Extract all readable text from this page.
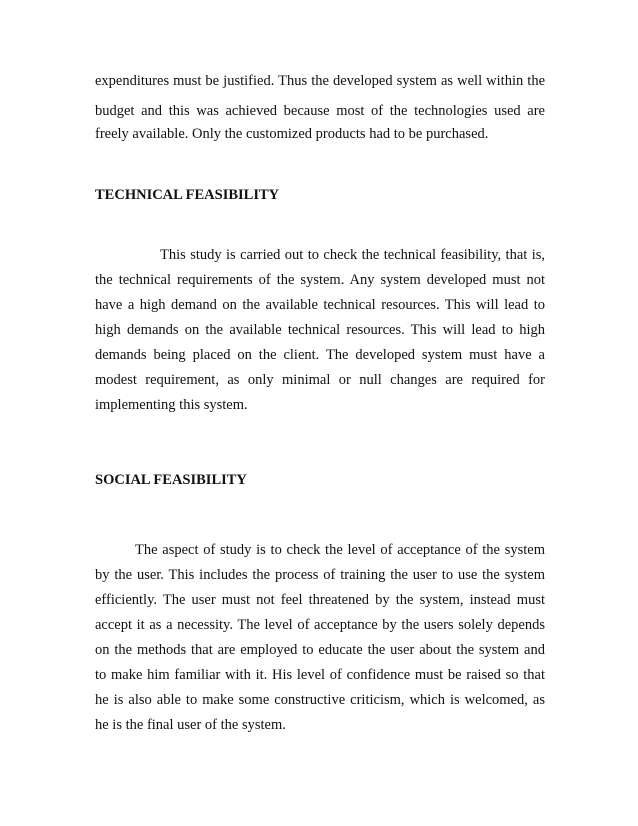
expenditures must be justified. Thus the developed system as well within the
budget and this was achieved because most of the technologies used are
freely available. Only the customized products had to be purchased.
TECHNICAL FEASIBILITY
This study is carried out to check the technical feasibility, that is,
the technical requirements of the system. Any system developed must not
have a high demand on the available technical resources. This will lead to
high demands on the available technical resources. This will lead to high
demands being placed on the client. The developed system must have a
modest requirement, as only minimal or null changes are required for
implementing this system.
SOCIAL FEASIBILITY
The aspect of study is to check the level of acceptance of the system
by the user. This includes the process of training the user to use the system
efficiently. The user must not feel threatened by the system, instead must
accept it as a necessity. The level of acceptance by the users solely depends
on the methods that are employed to educate the user about the system and
to make him familiar with it. His level of confidence must be raised so that
he is also able to make some constructive criticism, which is welcomed, as
he is the final user of the system.
